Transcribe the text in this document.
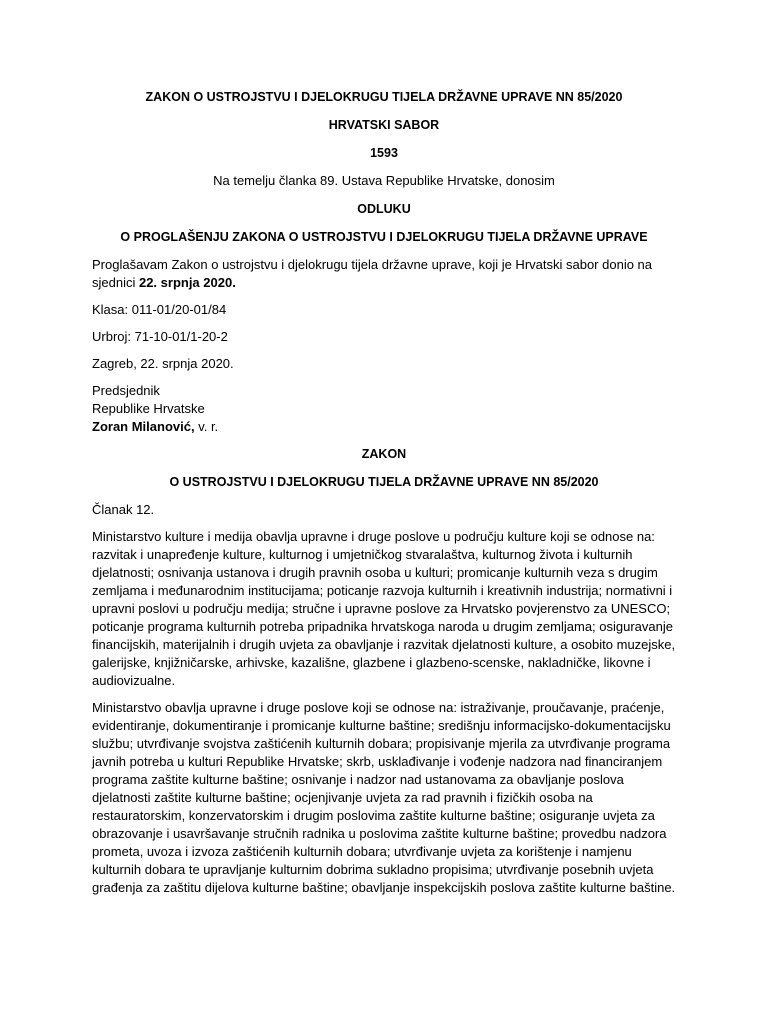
ZAKON O USTROJSTVU I DJELOKRUGU TIJELA DRŽAVNE UPRAVE NN 85/2020
HRVATSKI SABOR
1593
Na temelju članka 89. Ustava Republike Hrvatske, donosim
ODLUKU
O PROGLAŠENJU ZAKONA O USTROJSTVU I DJELOKRUGU TIJELA DRŽAVNE UPRAVE

Proglašavam Zakon o ustrojstvu i djelokrugu tijela državne uprave, koji je Hrvatski sabor donio na sjednici 22. srpnja 2020.

Klasa: 011-01/20-01/84

Urbroj: 71-10-01/1-20-2

Zagreb, 22. srpnja 2020.

Predsjednik
Republike Hrvatske
Zoran Milanović, v. r.
ZAKON
O USTROJSTVU I DJELOKRUGU TIJELA DRŽAVNE UPRAVE NN 85/2020

Članak 12.

Ministarstvo kulture i medija obavlja upravne i druge poslove u području kulture koji se odnose na: razvitak i unapređenje kulture, kulturnog i umjetničkog stvaralaštva, kulturnog života i kulturnih djelatnosti; osnivanja ustanova i drugih pravnih osoba u kulturi; promicanje kulturnih veza s drugim zemljama i međunarodnim institucijama; poticanje razvoja kulturnih i kreativnih industrija; normativni i upravni poslovi u području medija; stručne i upravne poslove za Hrvatsko povjerenstvo za UNESCO; poticanje programa kulturnih potreba pripadnika hrvatskoga naroda u drugim zemljama; osiguravanje financijskih, materijalnih i drugih uvjeta za obavljanje i razvitak djelatnosti kulture, a osobito muzejske, galerijske, knjižničarske, arhivske, kazališne, glazbene i glazbeno-scenske, nakladničke, likovne i audiovizualne.

Ministarstvo obavlja upravne i druge poslove koji se odnose na: istraživanje, proučavanje, praćenje, evidentiranje, dokumentiranje i promicanje kulturne baštine; središnju informacijsko-dokumentacijsku službu; utvrđivanje svojstva zaštićenih kulturnih dobara; propisivanje mjerila za utvrđivanje programa javnih potreba u kulturi Republike Hrvatske; skrb, usklađivanje i vođenje nadzora nad financiranjem programa zaštite kulturne baštine; osnivanje i nadzor nad ustanovama za obavljanje poslova djelatnosti zaštite kulturne baštine; ocjenjivanje uvjeta za rad pravnih i fizičkih osoba na restauratorskim, konzervatorskim i drugim poslovima zaštite kulturne baštine; osiguranje uvjeta za obrazovanje i usavršavanje stručnih radnika u poslovima zaštite kulturne baštine; provedbu nadzora prometa, uvoza i izvoza zaštićenih kulturnih dobara; utvrđivanje uvjeta za korištenje i namjenu kulturnih dobara te upravljanje kulturnim dobrima sukladno propisima; utvrđivanje posebnih uvjeta građenja za zaštitu dijelova kulturne baštine; obavljanje inspekcijskih poslova zaštite kulturne baštine.
